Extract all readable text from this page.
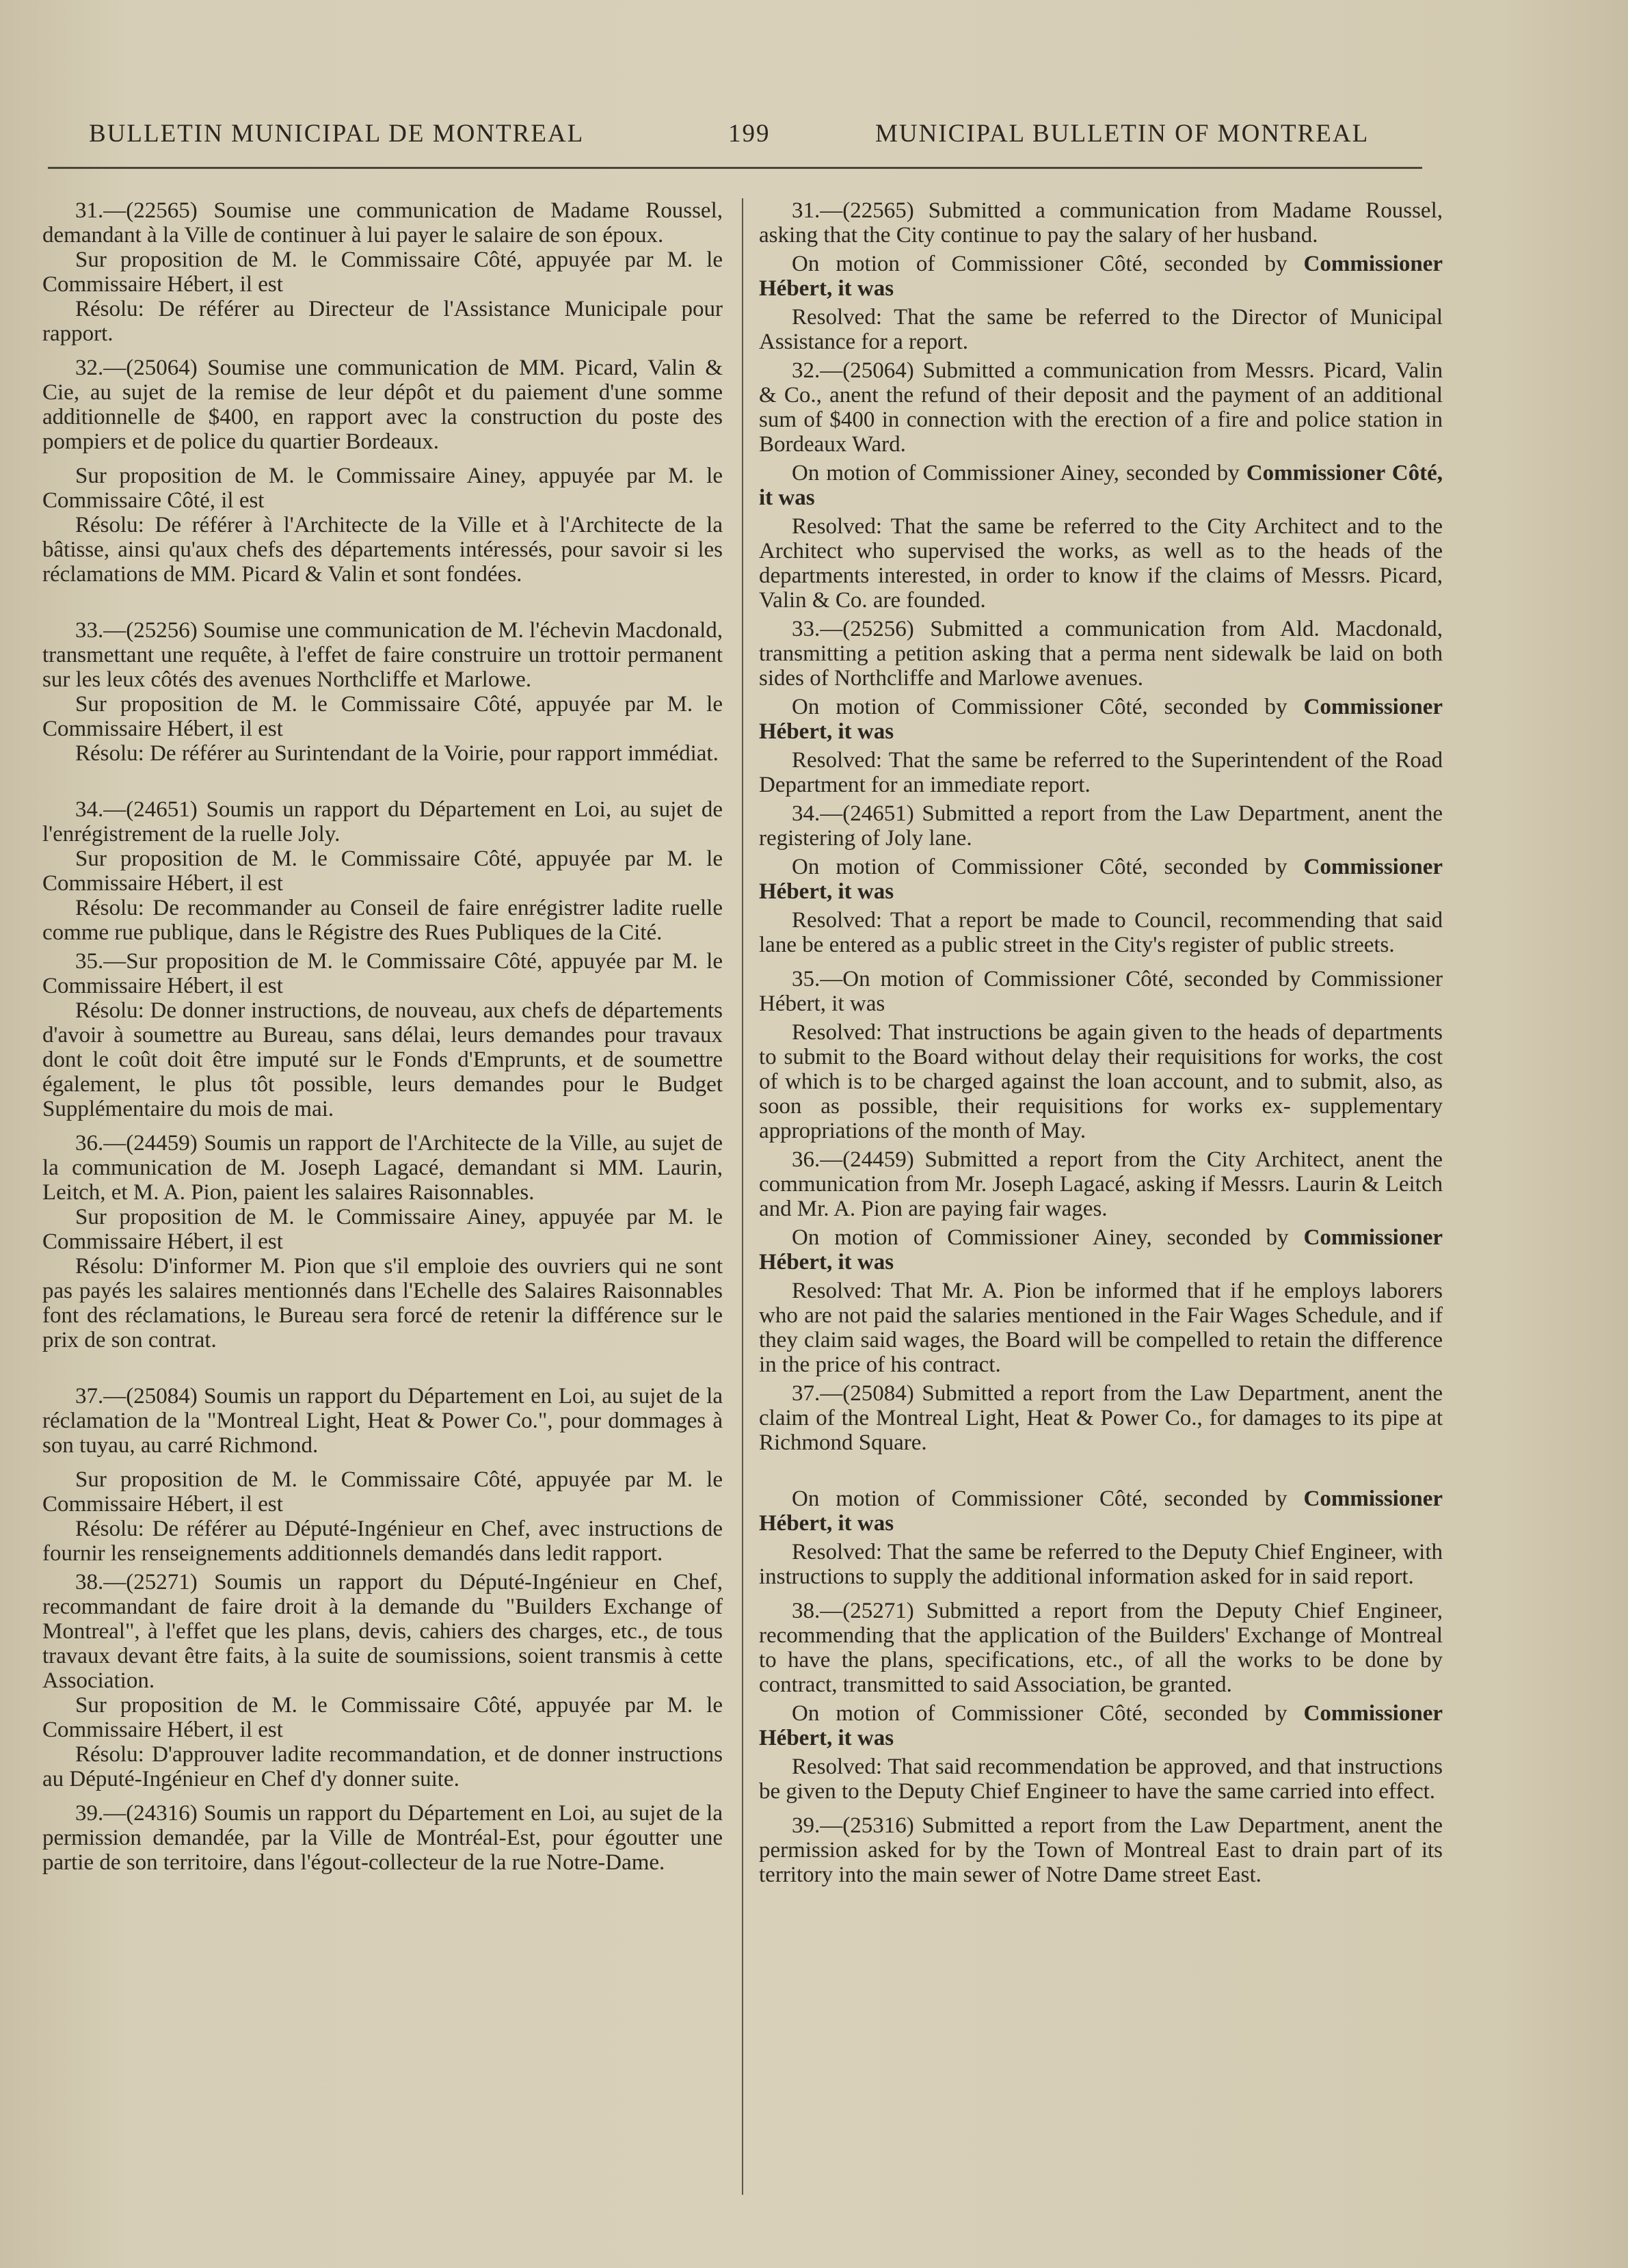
BULLETIN MUNICIPAL DE MONTREAL	199	MUNICIPAL BULLETIN OF MONTREAL

31.—(22565) Soumise une communication de Madame Roussel, demandant à la Ville de continuer à lui payer le salaire de son époux.

Sur proposition de M. le Commissaire Côté, appuyée par M. le Commissaire Hébert, il est

Résolu: De référer au Directeur de l'Assistance Municipale pour rapport.

32.—(25064) Soumise une communication de MM. Picard, Valin & Cie, au sujet de la remise de leur dépôt et du paiement d'une somme additionnelle de $400, en rapport avec la construction du poste des pompiers et de police du quartier Bordeaux.

Sur proposition de M. le Commissaire Ainey, appuyée par M. le Commissaire Côté, il est

Résolu: De référer à l'Architecte de la Ville et à l'Architecte de la bâtisse, ainsi qu'aux chefs des départements intéressés, pour savoir si les réclamations de MM. Picard & Valin et sont fondées.

33.—(25256) Soumise une communication de M. l'échevin Macdonald, transmettant une requête, à l'effet de faire construire un trottoir permanent sur les leux côtés des avenues Northcliffe et Marlowe.

Sur proposition de M. le Commissaire Côté, appuyée par M. le Commissaire Hébert, il est

Résolu: De référer au Surintendant de la Voirie, pour rapport immédiat.

34.—(24651) Soumis un rapport du Département en Loi, au sujet de l'enrégistrement de la ruelle Joly.

Sur proposition de M. le Commissaire Côté, appuyée par M. le Commissaire Hébert, il est

Résolu: De recommander au Conseil de faire enrégistrer ladite ruelle comme rue publique, dans le Régistre des Rues Publiques de la Cité.

35.—Sur proposition de M. le Commissaire Côté, appuyée par M. le Commissaire Hébert, il est

Résolu: De donner instructions, de nouveau, aux chefs de départements d'avoir à soumettre au Bureau, sans délai, leurs demandes pour travaux dont le coût doit être imputé sur le Fonds d'Emprunts, et de soumettre également, le plus tôt possible, leurs demandes pour le Budget Supplémentaire du mois de mai.

36.—(24459) Soumis un rapport de l'Architecte de la Ville, au sujet de la communication de M. Joseph Lagacé, demandant si MM. Laurin, Leitch, et M. A. Pion, paient les salaires Raisonnables.

Sur proposition de M. le Commissaire Ainey, appuyée par M. le Commissaire Hébert, il est

Résolu: D'informer M. Pion que s'il emploie des ouvriers qui ne sont pas payés les salaires mentionnés dans l'Echelle des Salaires Raisonnables font des réclamations, le Bureau sera forcé de retenir la différence sur le prix de son contrat.

37.—(25084) Soumis un rapport du Département en Loi, au sujet de la réclamation de la "Montreal Light, Heat & Power Co.", pour dommages à son tuyau, au carré Richmond.

Sur proposition de M. le Commissaire Côté, appuyée par M. le Commissaire Hébert, il est

Résolu: De référer au Député-Ingénieur en Chef, avec instructions de fournir les renseignements additionnels demandés dans ledit rapport.

38.—(25271) Soumis un rapport du Député-Ingénieur en Chef, recommandant de faire droit à la demande du "Builders Exchange of Montreal", à l'effet que les plans, devis, cahiers des charges, etc., de tous travaux devant être faits, à la suite de soumissions, soient transmis à cette Association.

Sur proposition de M. le Commissaire Côté, appuyée par M. le Commissaire Hébert, il est

Résolu: D'approuver ladite recommandation, et de donner instructions au Député-Ingénieur en Chef d'y donner suite.

39.—(24316) Soumis un rapport du Département en Loi, au sujet de la permission demandée, par la Ville de Montréal-Est, pour égoutter une partie de son territoire, dans l'égout-collecteur de la rue Notre-Dame.

31.—(22565) Submitted a communication from Madame Roussel, asking that the City continue to pay the salary of her husband.

On motion of Commissioner Côté, seconded by Commissioner Hébert, it was

Resolved: That the same be referred to the Director of Municipal Assistance for a report.

32.—(25064) Submitted a communication from Messrs. Picard, Valin & Co., anent the refund of their deposit and the payment of an additional sum of $400 in connection with the erection of a fire and police station in Bordeaux Ward.

On motion of Commissioner Ainey, seconded by Commissioner Côté, it was

Resolved: That the same be referred to the City Architect and to the Architect who supervised the works, as well as to the heads of the departments interested, in order to know if the claims of Messrs. Picard, Valin & Co. are founded.

33.—(25256) Submitted a communication from Ald. Macdonald, transmitting a petition asking that a perma nent sidewalk be laid on both sides of Northcliffe and Marlowe avenues.

On motion of Commissioner Côté, seconded by Commissioner Hébert, it was

Resolved: That the same be referred to the Superintendent of the Road Department for an immediate report.

34.—(24651) Submitted a report from the Law Department, anent the registering of Joly lane.

On motion of Commissioner Côté, seconded by Commissioner Hébert, it was

Resolved: That a report be made to Council, recommending that said lane be entered as a public street in the City's register of public streets.

35.—On motion of Commissioner Côté, seconded by Commissioner Hébert, it was

Resolved: That instructions be again given to the heads of departments to submit to the Board without delay their requisitions for works, the cost of which is to be charged against the loan account, and to submit, also, as soon as possible, their requisitions for works ex- supplementary appropriations of the month of May.

36.—(24459) Submitted a report from the City Architect, anent the communication from Mr. Joseph Lagacé, asking if Messrs. Laurin & Leitch and Mr. A. Pion are paying fair wages.

On motion of Commissioner Ainey, seconded by Commissioner Hébert, it was

Resolved: That Mr. A. Pion be informed that if he employs laborers who are not paid the salaries mentioned in the Fair Wages Schedule, and if they claim said wages, the Board will be compelled to retain the difference in the price of his contract.

37.—(25084) Submitted a report from the Law Department, anent the claim of the Montreal Light, Heat & Power Co., for damages to its pipe at Richmond Square.

On motion of Commissioner Côté, seconded by Commissioner Hébert, it was

Resolved: That the same be referred to the Deputy Chief Engineer, with instructions to supply the additional information asked for in said report.

38.—(25271) Submitted a report from the Deputy Chief Engineer, recommending that the application of the Builders' Exchange of Montreal to have the plans, specifications, etc., of all the works to be done by contract, transmitted to said Association, be granted.

On motion of Commissioner Côté, seconded by Commissioner Hébert, it was

Resolved: That said recommendation be approved, and that instructions be given to the Deputy Chief Engineer to have the same carried into effect.

39.—(25316) Submitted a report from the Law Department, anent the permission asked for by the Town of Montreal East to drain part of its territory into the main sewer of Notre Dame street East.
